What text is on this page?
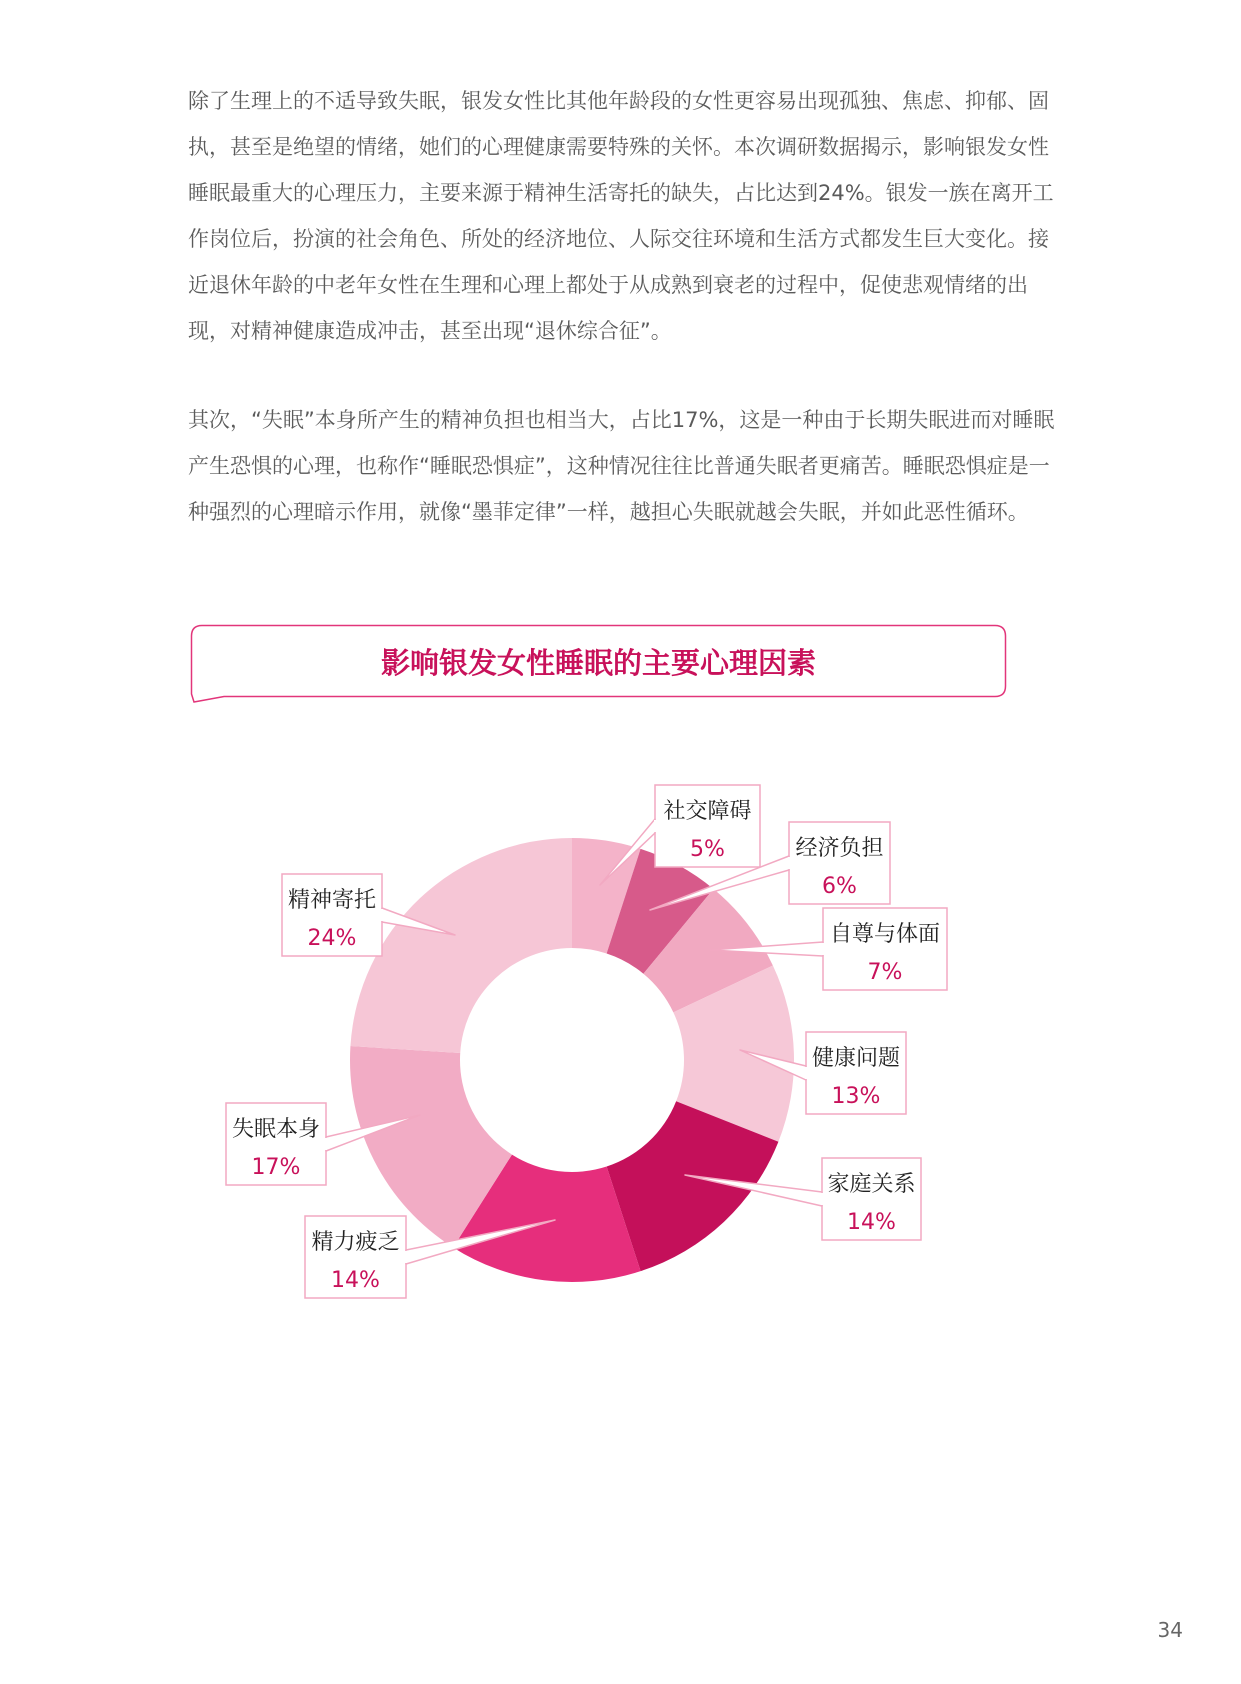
除了生理上的不适导致失眠，银发女性比其他年龄段的女性更容易出现孤独、焦虑、抑郁、固执，甚至是绝望的情绪，她们的心理健康需要特殊的关怀。本次调研数据揭示，影响银发女性睡眠最重大的心理压力，主要来源于精神生活寄托的缺失，占比达到24%。银发一族在离开工作岗位后，扮演的社会角色、所处的经济地位、人际交往环境和生活方式都发生巨大变化。接近退休年龄的中老年女性在生理和心理上都处于从成熟到衰老的过程中，促使悲观情绪的出现，对精神健康造成冲击，甚至出现“退休综合征”。

其次，“失眠”本身所产生的精神负担也相当大，占比17%，这是一种由于长期失眠进而对睡眠产生恐惧的心理，也称作“睡眠恐惧症”，这种情况往往比普通失眠者更痛苦。睡眠恐惧症是一种强烈的心理暗示作用，就像“墨菲定律”一样，越担心失眠就越会失眠，并如此恶性循环。

影响银发女性睡眠的主要心理因素
社交障碍
5%	经济负担
6%
自尊与体面
7%
健康问题
13%
家庭关系
14%
精力疲乏
14%
失眠本身
17%
精神寄托
24%
34
